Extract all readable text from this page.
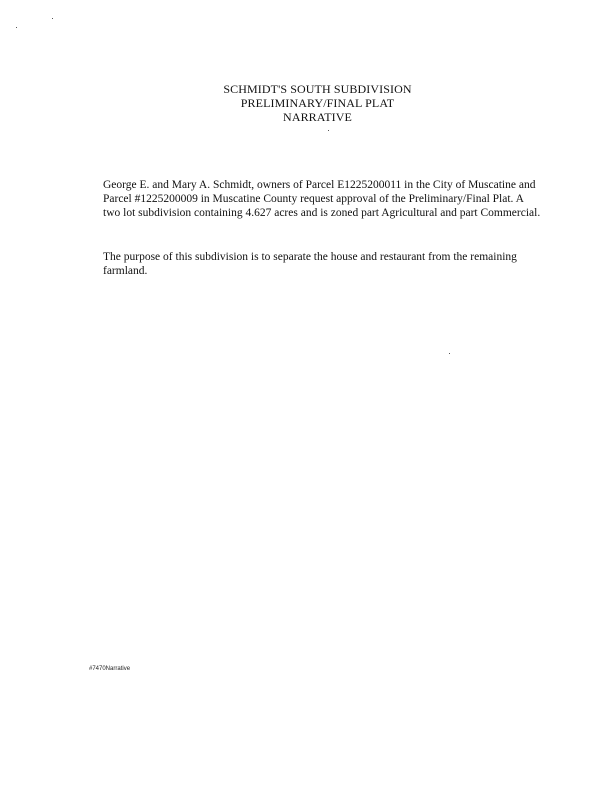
SCHMIDT'S SOUTH SUBDIVISION
PRELIMINARY/FINAL PLAT
NARRATIVE

George E. and Mary A. Schmidt, owners of Parcel E1225200011 in the City of Muscatine and Parcel #1225200009 in Muscatine County request approval of the Preliminary/Final Plat. A two lot subdivision containing 4.627 acres and is zoned part Agricultural and part Commercial.

The purpose of this subdivision is to separate the house and restaurant from the remaining farmland.

#7470Narrative
